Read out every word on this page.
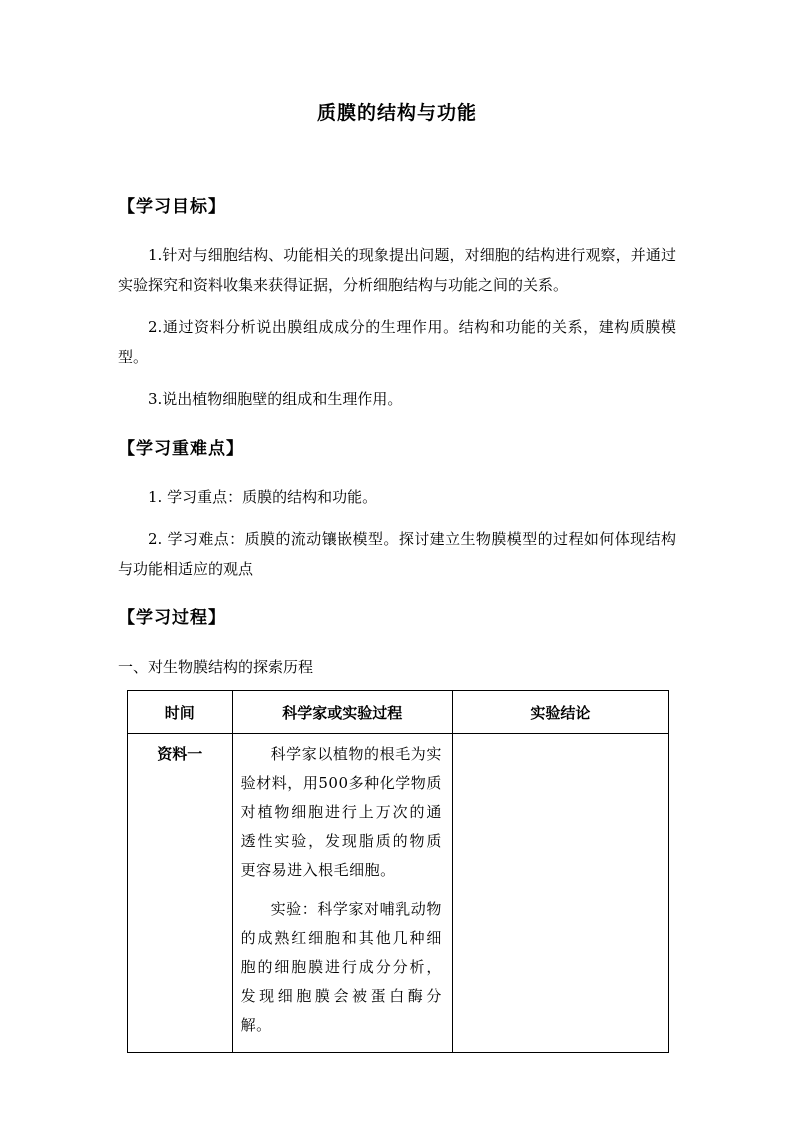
质膜的结构与功能
【学习目标】
1.针对与细胞结构、功能相关的现象提出问题，对细胞的结构进行观察，并通过实验探究和资料收集来获得证据，分析细胞结构与功能之间的关系。
2.通过资料分析说出膜组成成分的生理作用。结构和功能的关系，建构质膜模型。
3.说出植物细胞壁的组成和生理作用。
【学习重难点】
1. 学习重点：质膜的结构和功能。
2. 学习难点：质膜的流动镶嵌模型。探讨建立生物膜模型的过程如何体现结构与功能相适应的观点
【学习过程】
一、对生物膜结构的探索历程
时间	科学家或实验过程	实验结论
资料一	科学家以植物的根毛为实验材料，用500多种化学物质对植物细胞进行上万次的通透性实验，发现脂质的物质更容易进入根毛细胞。

实验：科学家对哺乳动物的成熟红细胞和其他几种细胞的细胞膜进行成分分析，发现细胞膜会被蛋白酶分解。	
